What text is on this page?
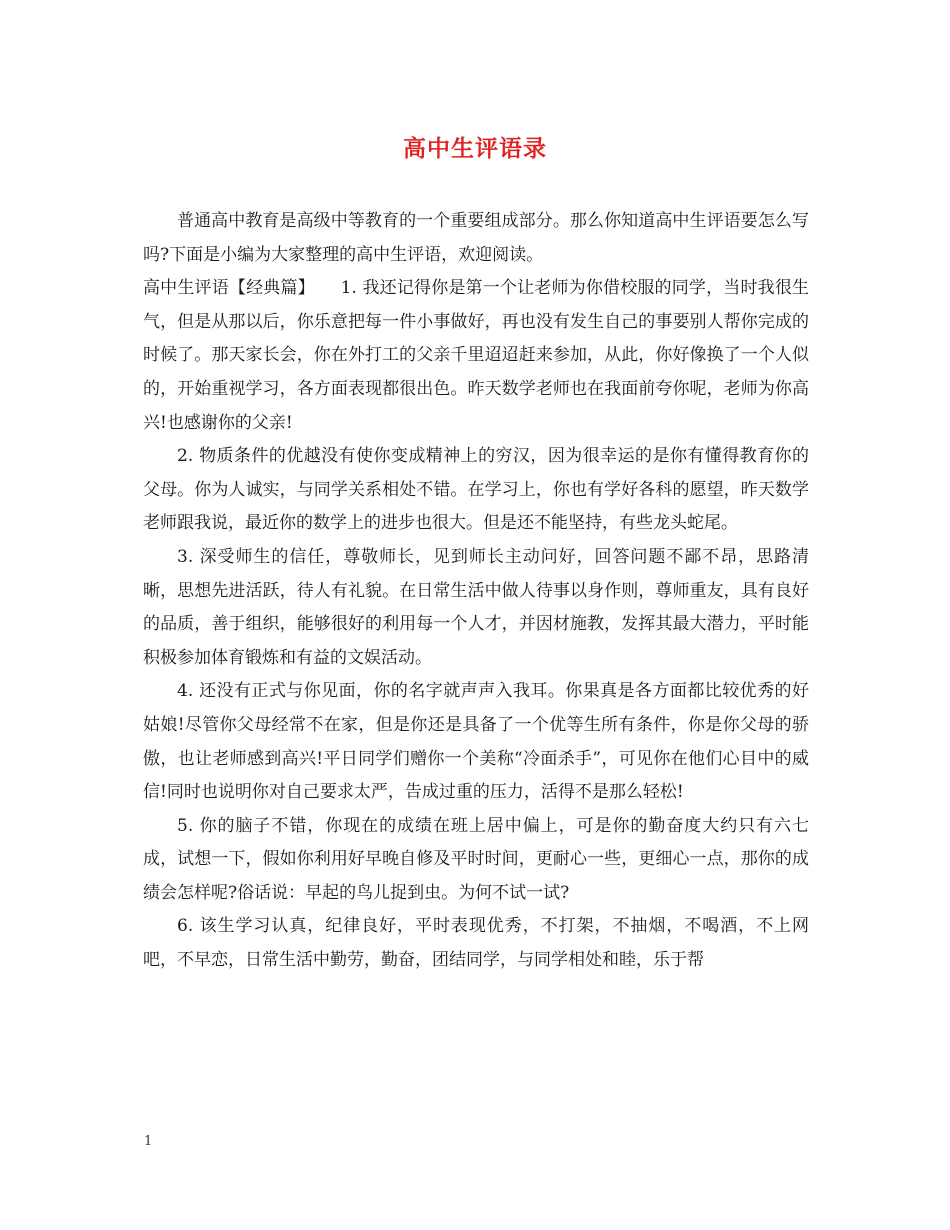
高中生评语录

普通高中教育是高级中等教育的一个重要组成部分。那么你知道高中生评语要怎么写吗?下面是小编为大家整理的高中生评语，欢迎阅读。

高中生评语【经典篇】　　1. 我还记得你是第一个让老师为你借校服的同学，当时我很生气，但是从那以后，你乐意把每一件小事做好，再也没有发生自己的事要别人帮你完成的时候了。那天家长会，你在外打工的父亲千里迢迢赶来参加，从此，你好像换了一个人似的，开始重视学习，各方面表现都很出色。昨天数学老师也在我面前夸你呢，老师为你高兴!也感谢你的父亲!

2. 物质条件的优越没有使你变成精神上的穷汉，因为很幸运的是你有懂得教育你的父母。你为人诚实，与同学关系相处不错。在学习上，你也有学好各科的愿望，昨天数学老师跟我说，最近你的数学上的进步也很大。但是还不能坚持，有些龙头蛇尾。

3. 深受师生的信任，尊敬师长，见到师长主动问好，回答问题不鄙不昂，思路清晰，思想先进活跃，待人有礼貌。在日常生活中做人待事以身作则，尊师重友，具有良好的品质，善于组织，能够很好的利用每一个人才，并因材施教，发挥其最大潜力，平时能积极参加体育锻炼和有益的文娱活动。

4. 还没有正式与你见面，你的名字就声声入我耳。你果真是各方面都比较优秀的好姑娘!尽管你父母经常不在家，但是你还是具备了一个优等生所有条件，你是你父母的骄傲，也让老师感到高兴!平日同学们赠你一个美称“冷面杀手”，可见你在他们心目中的威信!同时也说明你对自己要求太严，告成过重的压力，活得不是那么轻松!

5. 你的脑子不错，你现在的成绩在班上居中偏上，可是你的勤奋度大约只有六七成，试想一下，假如你利用好早晚自修及平时时间，更耐心一些，更细心一点，那你的成绩会怎样呢?俗话说：早起的鸟儿捉到虫。为何不试一试?

6. 该生学习认真，纪律良好，平时表现优秀，不打架，不抽烟，不喝酒，不上网吧，不早恋，日常生活中勤劳，勤奋，团结同学，与同学相处和睦，乐于帮

1
